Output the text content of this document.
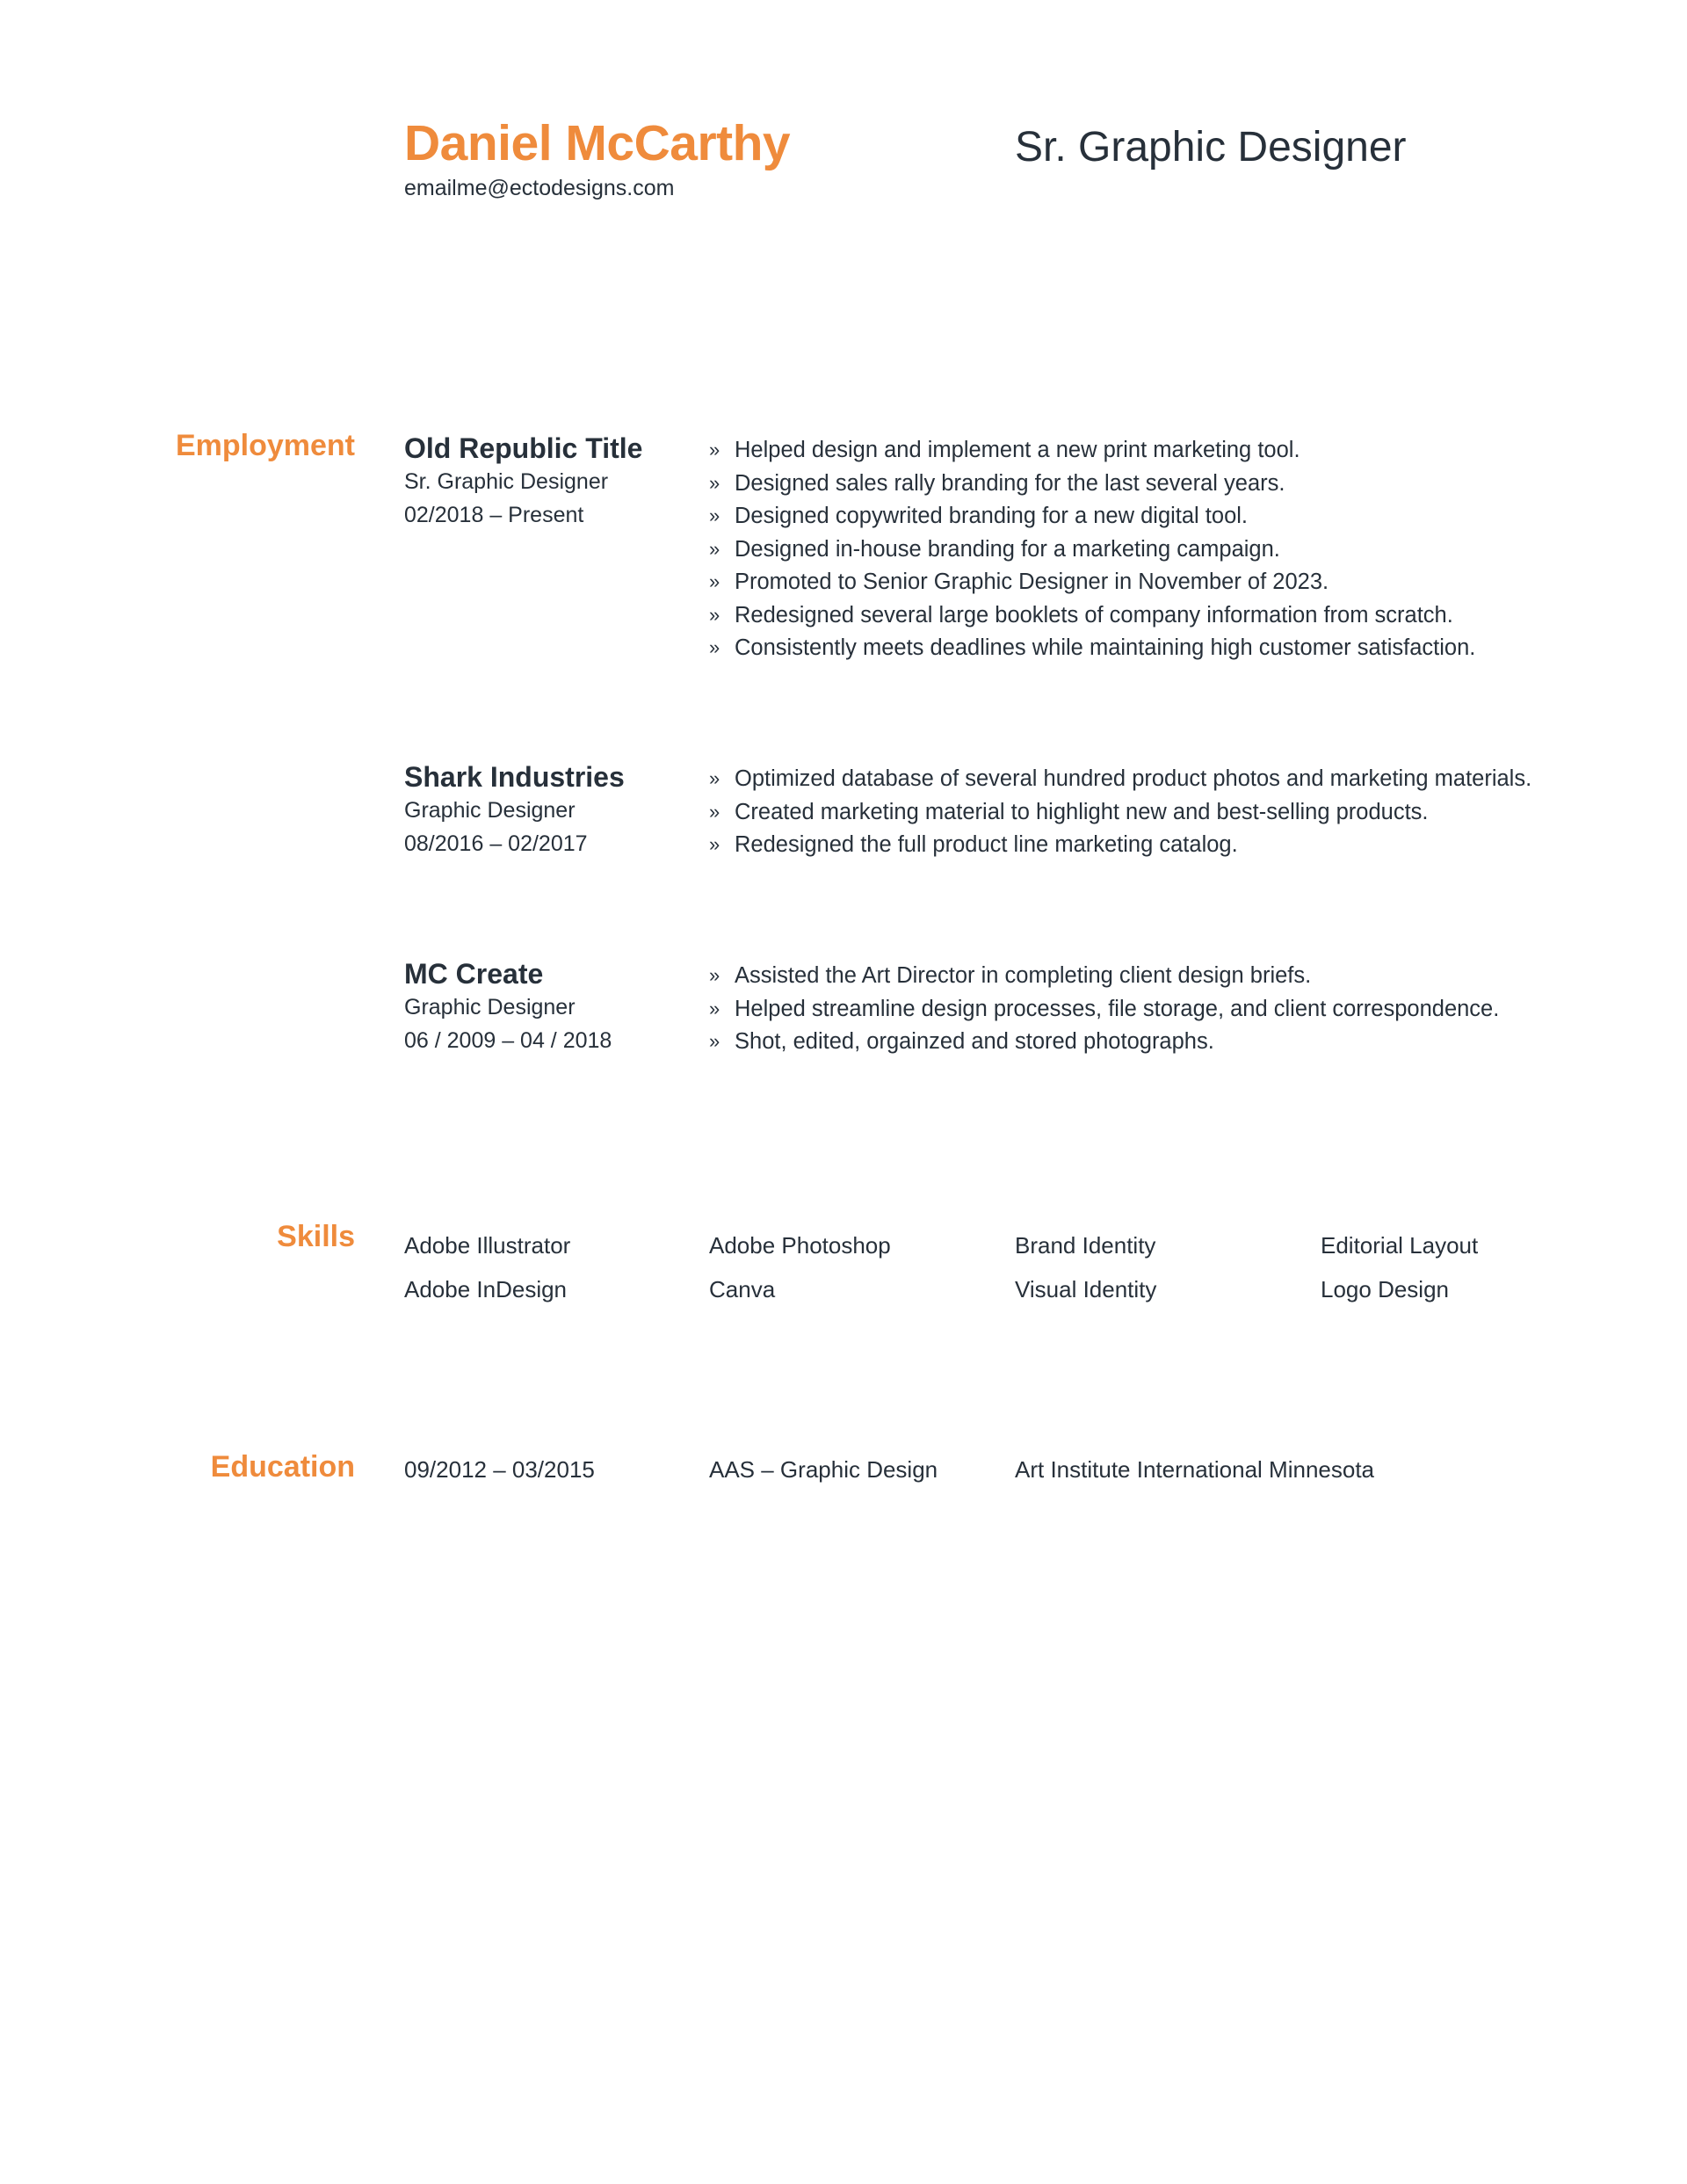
Daniel McCarthy
emailme@ectodesigns.com
Sr. Graphic Designer
Employment Old Republic Title
Sr. Graphic Designer
02/2018 – Present
» Helped design and implement a new print marketing tool.
» Designed sales rally branding for the last several years.
» Designed copywrited branding for a new digital tool.
» Designed in-house branding for a marketing campaign.
» Promoted to Senior Graphic Designer in November of 2023.
» Redesigned several large booklets of company information from scratch.
» Consistently meets deadlines while maintaining high customer satisfaction.
Shark Industries
Graphic Designer
08/2016 – 02/2017
» Optimized database of several hundred product photos and marketing materials.
» Created marketing material to highlight new and best-selling products.
» Redesigned the full product line marketing catalog.
MC Create
Graphic Designer
06 / 2009 – 04 / 2018
» Assisted the Art Director in completing client design briefs.
» Helped streamline design processes, file storage, and client correspondence.
» Shot, edited, orgainzed and stored photographs.
Skills Adobe Illustrator
Adobe InDesign
Adobe Photoshop
Canva
Brand Identity
Visual Identity
Editorial Layout
Logo Design
Education 09/2012 – 03/2015	AAS – Graphic Design	Art Institute International Minnesota
